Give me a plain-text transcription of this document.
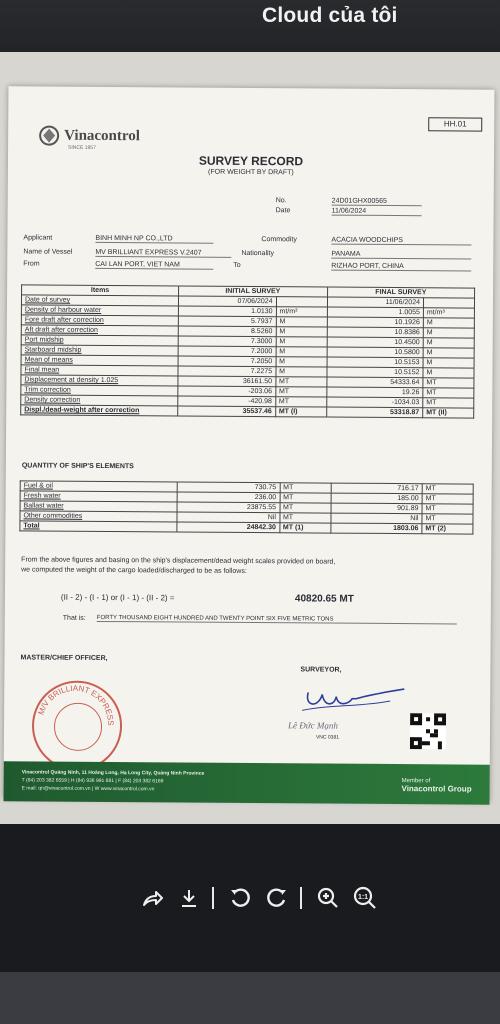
Cloud của tôi
HH.01
Vinacontrol
SINCE 1957
SURVEY RECORD
(FOR WEIGHT BY DRAFT)
No.	24D01GHX00565
Date	11/06/2024
Applicant	BINH MINH NP CO.,LTD	Commodity	ACACIA WOODCHIPS
Name of Vessel	MV BRILLIANT EXPRESS V.2407	Nationality	PANAMA
From	CAI LAN PORT, VIET NAM	To	RIZHAO PORT, CHINA
Items	INITIAL SURVEY		FINAL SURVEY	
Date of survey	07/06/2024		11/06/2024	
Density of harbour water	1.0130	mt/m³	1.0055	mt/m³
Fore draft after correction	5.7937	M	10.1926	M
Aft draft after correction	8.5260	M	10.8386	M
Port midship	7.3000	M	10.4500	M
Starboard midship	7.2000	M	10.5800	M
Mean of means	7.2050	M	10.5153	M
Final mean	7.2275	M	10.5152	M
Displacement at density 1.025	36161.50	MT	54333.64	MT
Trim correction	-203.06	MT	19.26	MT
Density correction	-420.98	MT	-1034.03	MT
Displ./dead-weight after correction	35537.46	MT (I)	53318.87	MT (II)
QUANTITY OF SHIP'S ELEMENTS
Fuel & oil	730.75	MT	716.17	MT
Fresh water	236.00	MT	185.00	MT
Ballast water	23875.55	MT	901.89	MT
Other commodities	Nil	MT	Nil	MT
Total	24842.30	MT (1)	1803.06	MT (2)
From the above figures and basing on the ship's displacement/dead weight scales provided on board,
we computed the weight of the cargo loaded/discharged to be as follows:
(II - 2) - (I - 1) or (I - 1) - (II - 2) =	40820.65 MT
That is: FORTY THOUSAND EIGHT HUNDRED AND TWENTY POINT SIX FIVE METRIC TONS
MASTER/CHIEF OFFICER,
SURVEYOR,
M/V BRILLIANT EXPRESS	Lê Đức Mạnh
VNC 0381
Vinacontrol Quảng Ninh, 11 Hoàng Long, Hạ Long City, Quảng Ninh Province
T (84) 203 382 6559 | H (84) 936 991 881 | F (84) 203 382 6169
E mail: qn@vinacontrol.com.vn | W www.vinacontrol.com.vn
Member of
Vinacontrol Group
1:1
